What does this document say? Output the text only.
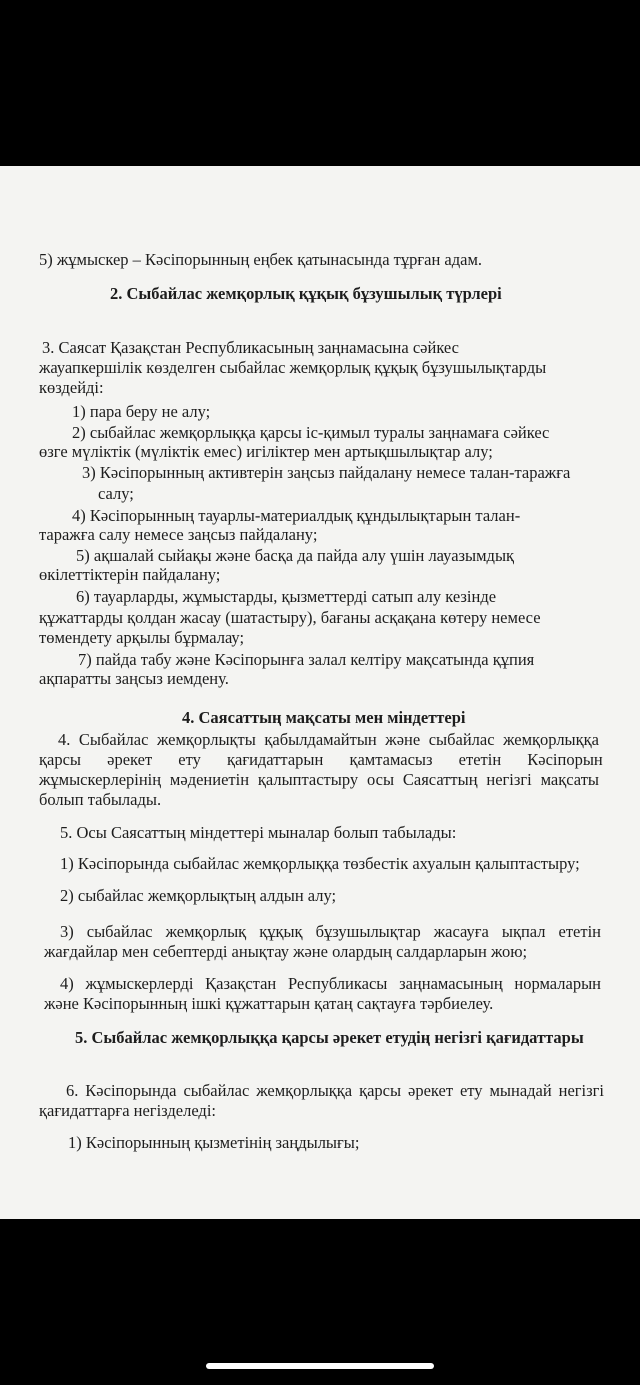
5) жұмыскер – Кәсіпорынның еңбек қатынасында тұрған адам.
2. Сыбайлас жемқорлық құқық бұзушылық түрлері
3. Саясат Қазақстан Республикасының заңнамасына сәйкес
жауапкершілік көзделген сыбайлас жемқорлық құқық бұзушылықтарды
көздейді:
1) пара беру не алу;
2) сыбайлас жемқорлыққа қарсы іс-қимыл туралы заңнамаға сәйкес
өзге мүліктік (мүліктік емес) игіліктер мен артықшылықтар алу;
3) Кәсіпорынның активтерін заңсыз пайдалану немесе талан-таражға
салу;
4) Кәсіпорынның тауарлы-материалдық құндылықтарын талан-
таражға салу немесе заңсыз пайдалану;
5) ақшалай сыйақы және басқа да пайда алу үшін лауазымдық
өкілеттіктерін пайдалану;
6) тауарларды, жұмыстарды, қызметтерді сатып алу кезінде
құжаттарды қолдан жасау (шатастыру), бағаны асқақана көтеру немесе
төмендету арқылы бұрмалау;
7) пайда табу және Кәсіпорынға залал келтіру мақсатында құпия
ақпаратты заңсыз иемдену.
4. Саясаттың мақсаты мен міндеттері
4. Сыбайлас жемқорлықты қабылдамайтын және сыбайлас жемқорлыққа
қарсы әрекет ету қағидаттарын қамтамасыз ететін Кәсіпорын
жұмыскерлерінің мәдениетін қалыптастыру осы Саясаттың негізгі мақсаты
болып табылады.
5. Осы Саясаттың міндеттері мыналар болып табылады:
1) Кәсіпорында сыбайлас жемқорлыққа төзбестік ахуалын қалыптастыру;
2) сыбайлас жемқорлықтың алдын алу;
3) сыбайлас жемқорлық құқық бұзушылықтар жасауға ықпал ететін
жағдайлар мен себептерді анықтау және олардың салдарларын жою;
4) жұмыскерлерді Қазақстан Республикасы заңнамасының нормаларын
және Кәсіпорынның ішкі құжаттарын қатаң сақтауға тәрбиелеу.
5. Сыбайлас жемқорлыққа қарсы әрекет етудің негізгі қағидаттары
6. Кәсіпорында сыбайлас жемқорлыққа қарсы әрекет ету мынадай негізгі
қағидаттарға негізделеді:
1) Кәсіпорынның қызметінің заңдылығы;
